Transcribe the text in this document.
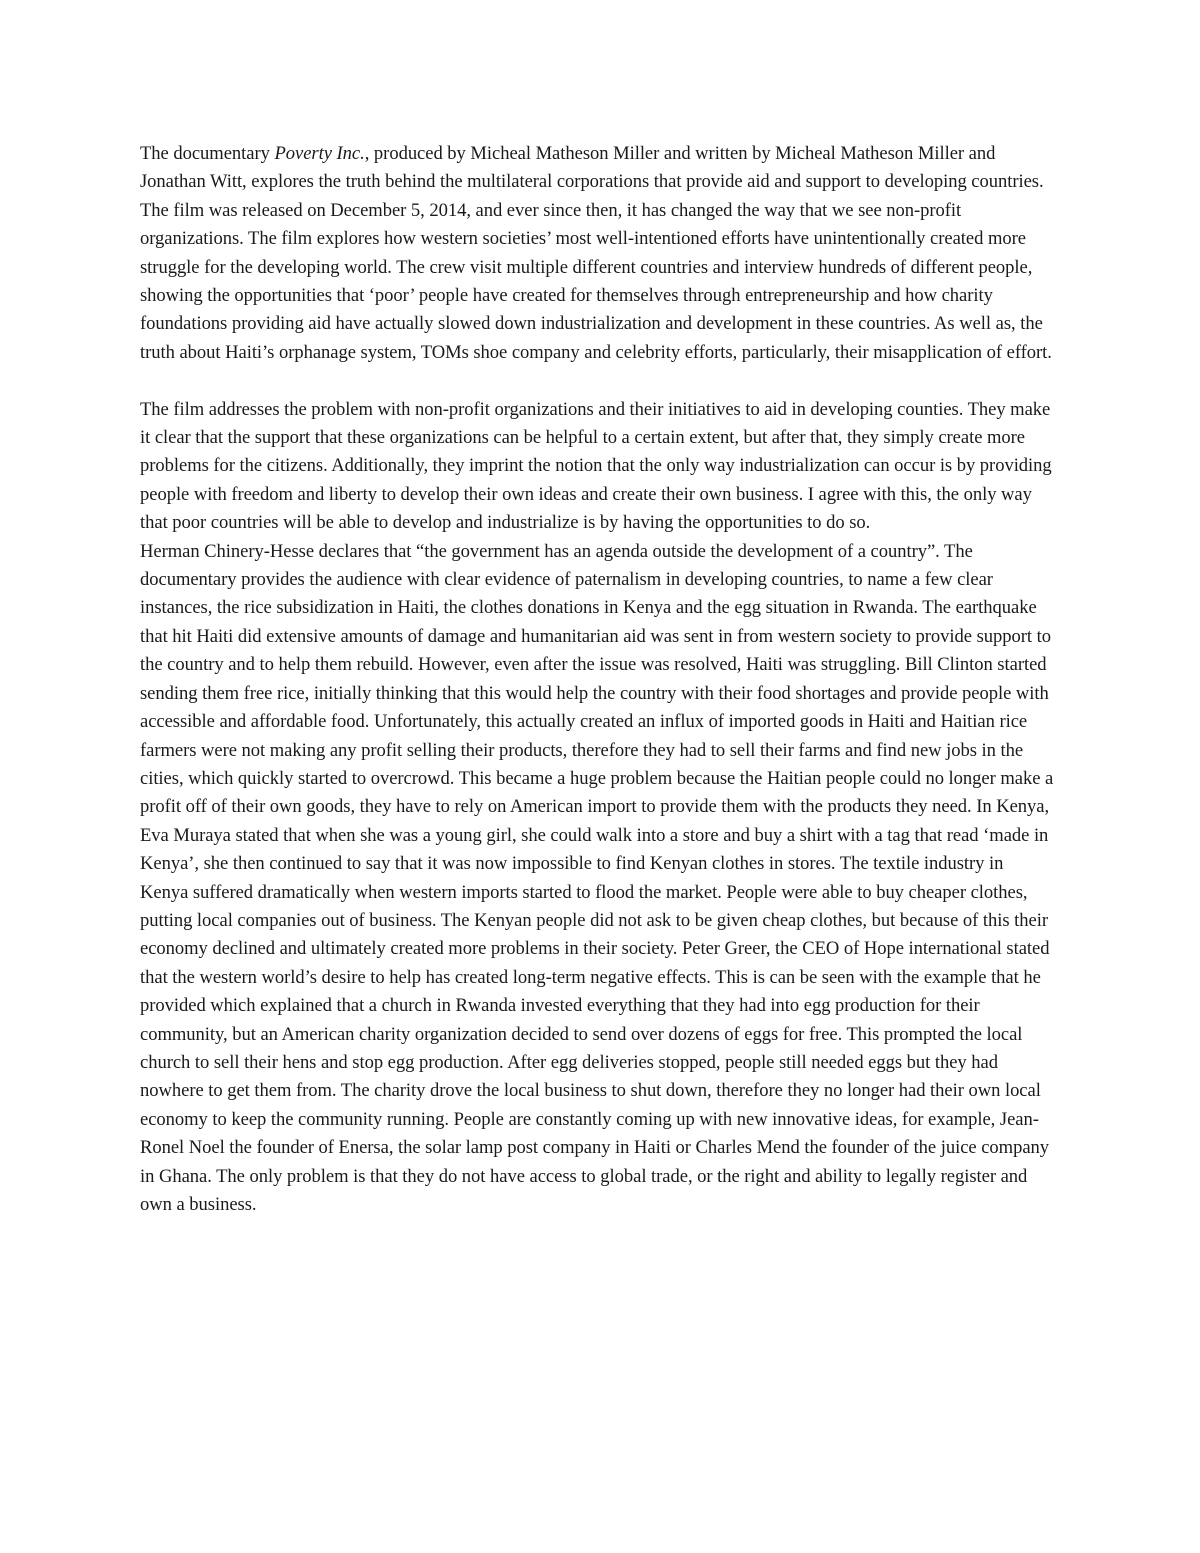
The documentary Poverty Inc., produced by Micheal Matheson Miller and written by Micheal Matheson Miller and Jonathan Witt, explores the truth behind the multilateral corporations that provide aid and support to developing countries. The film was released on December 5, 2014, and ever since then, it has changed the way that we see non-profit organizations. The film explores how western societies’ most well-intentioned efforts have unintentionally created more struggle for the developing world. The crew visit multiple different countries and interview hundreds of different people, showing the opportunities that ‘poor’ people have created for themselves through entrepreneurship and how charity foundations providing aid have actually slowed down industrialization and development in these countries. As well as, the truth about Haiti’s orphanage system, TOMs shoe company and celebrity efforts, particularly, their misapplication of effort.

The film addresses the problem with non-profit organizations and their initiatives to aid in developing counties. They make it clear that the support that these organizations can be helpful to a certain extent, but after that, they simply create more problems for the citizens. Additionally, they imprint the notion that the only way industrialization can occur is by providing people with freedom and liberty to develop their own ideas and create their own business. I agree with this, the only way that poor countries will be able to develop and industrialize is by having the opportunities to do so.

Herman Chinery-Hesse declares that “the government has an agenda outside the development of a country”. The documentary provides the audience with clear evidence of paternalism in developing countries, to name a few clear instances, the rice subsidization in Haiti, the clothes donations in Kenya and the egg situation in Rwanda. The earthquake that hit Haiti did extensive amounts of damage and humanitarian aid was sent in from western society to provide support to the country and to help them rebuild. However, even after the issue was resolved, Haiti was struggling. Bill Clinton started sending them free rice, initially thinking that this would help the country with their food shortages and provide people with accessible and affordable food. Unfortunately, this actually created an influx of imported goods in Haiti and Haitian rice farmers were not making any profit selling their products, therefore they had to sell their farms and find new jobs in the cities, which quickly started to overcrowd. This became a huge problem because the Haitian people could no longer make a profit off of their own goods, they have to rely on American import to provide them with the products they need. In Kenya, Eva Muraya stated that when she was a young girl, she could walk into a store and buy a shirt with a tag that read ‘made in Kenya’, she then continued to say that it was now impossible to find Kenyan clothes in stores. The textile industry in Kenya suffered dramatically when western imports started to flood the market. People were able to buy cheaper clothes, putting local companies out of business. The Kenyan people did not ask to be given cheap clothes, but because of this their economy declined and ultimately created more problems in their society. Peter Greer, the CEO of Hope international stated that the western world’s desire to help has created long-term negative effects. This is can be seen with the example that he provided which explained that a church in Rwanda invested everything that they had into egg production for their community, but an American charity organization decided to send over dozens of eggs for free. This prompted the local church to sell their hens and stop egg production. After egg deliveries stopped, people still needed eggs but they had nowhere to get them from. The charity drove the local business to shut down, therefore they no longer had their own local economy to keep the community running. People are constantly coming up with new innovative ideas, for example, Jean-Ronel Noel the founder of Enersa, the solar lamp post company in Haiti or Charles Mend the founder of the juice company in Ghana. The only problem is that they do not have access to global trade, or the right and ability to legally register and own a business.
